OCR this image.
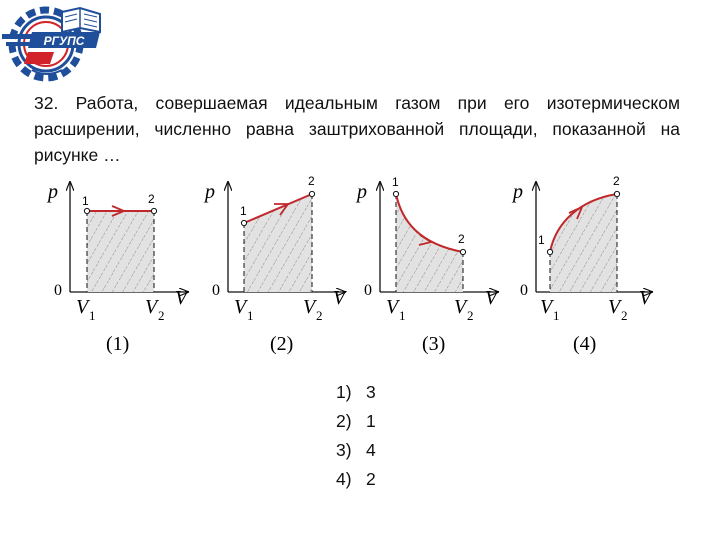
РГУПС

32. Работа, совершаемая идеальным газом при его изотермическом расширении, численно равна заштрихованной площади, показанной на рисунке …

p
0
1	2
V 1 V 2
V
(1)
p
0
1
2
V 1 V 2
V
(2)
p
0
1
2
V 1 V 2
V
(3)
p
0
1
2
V 1 V 2
V
(4)
1) 3
2) 1
3) 4
4) 2
